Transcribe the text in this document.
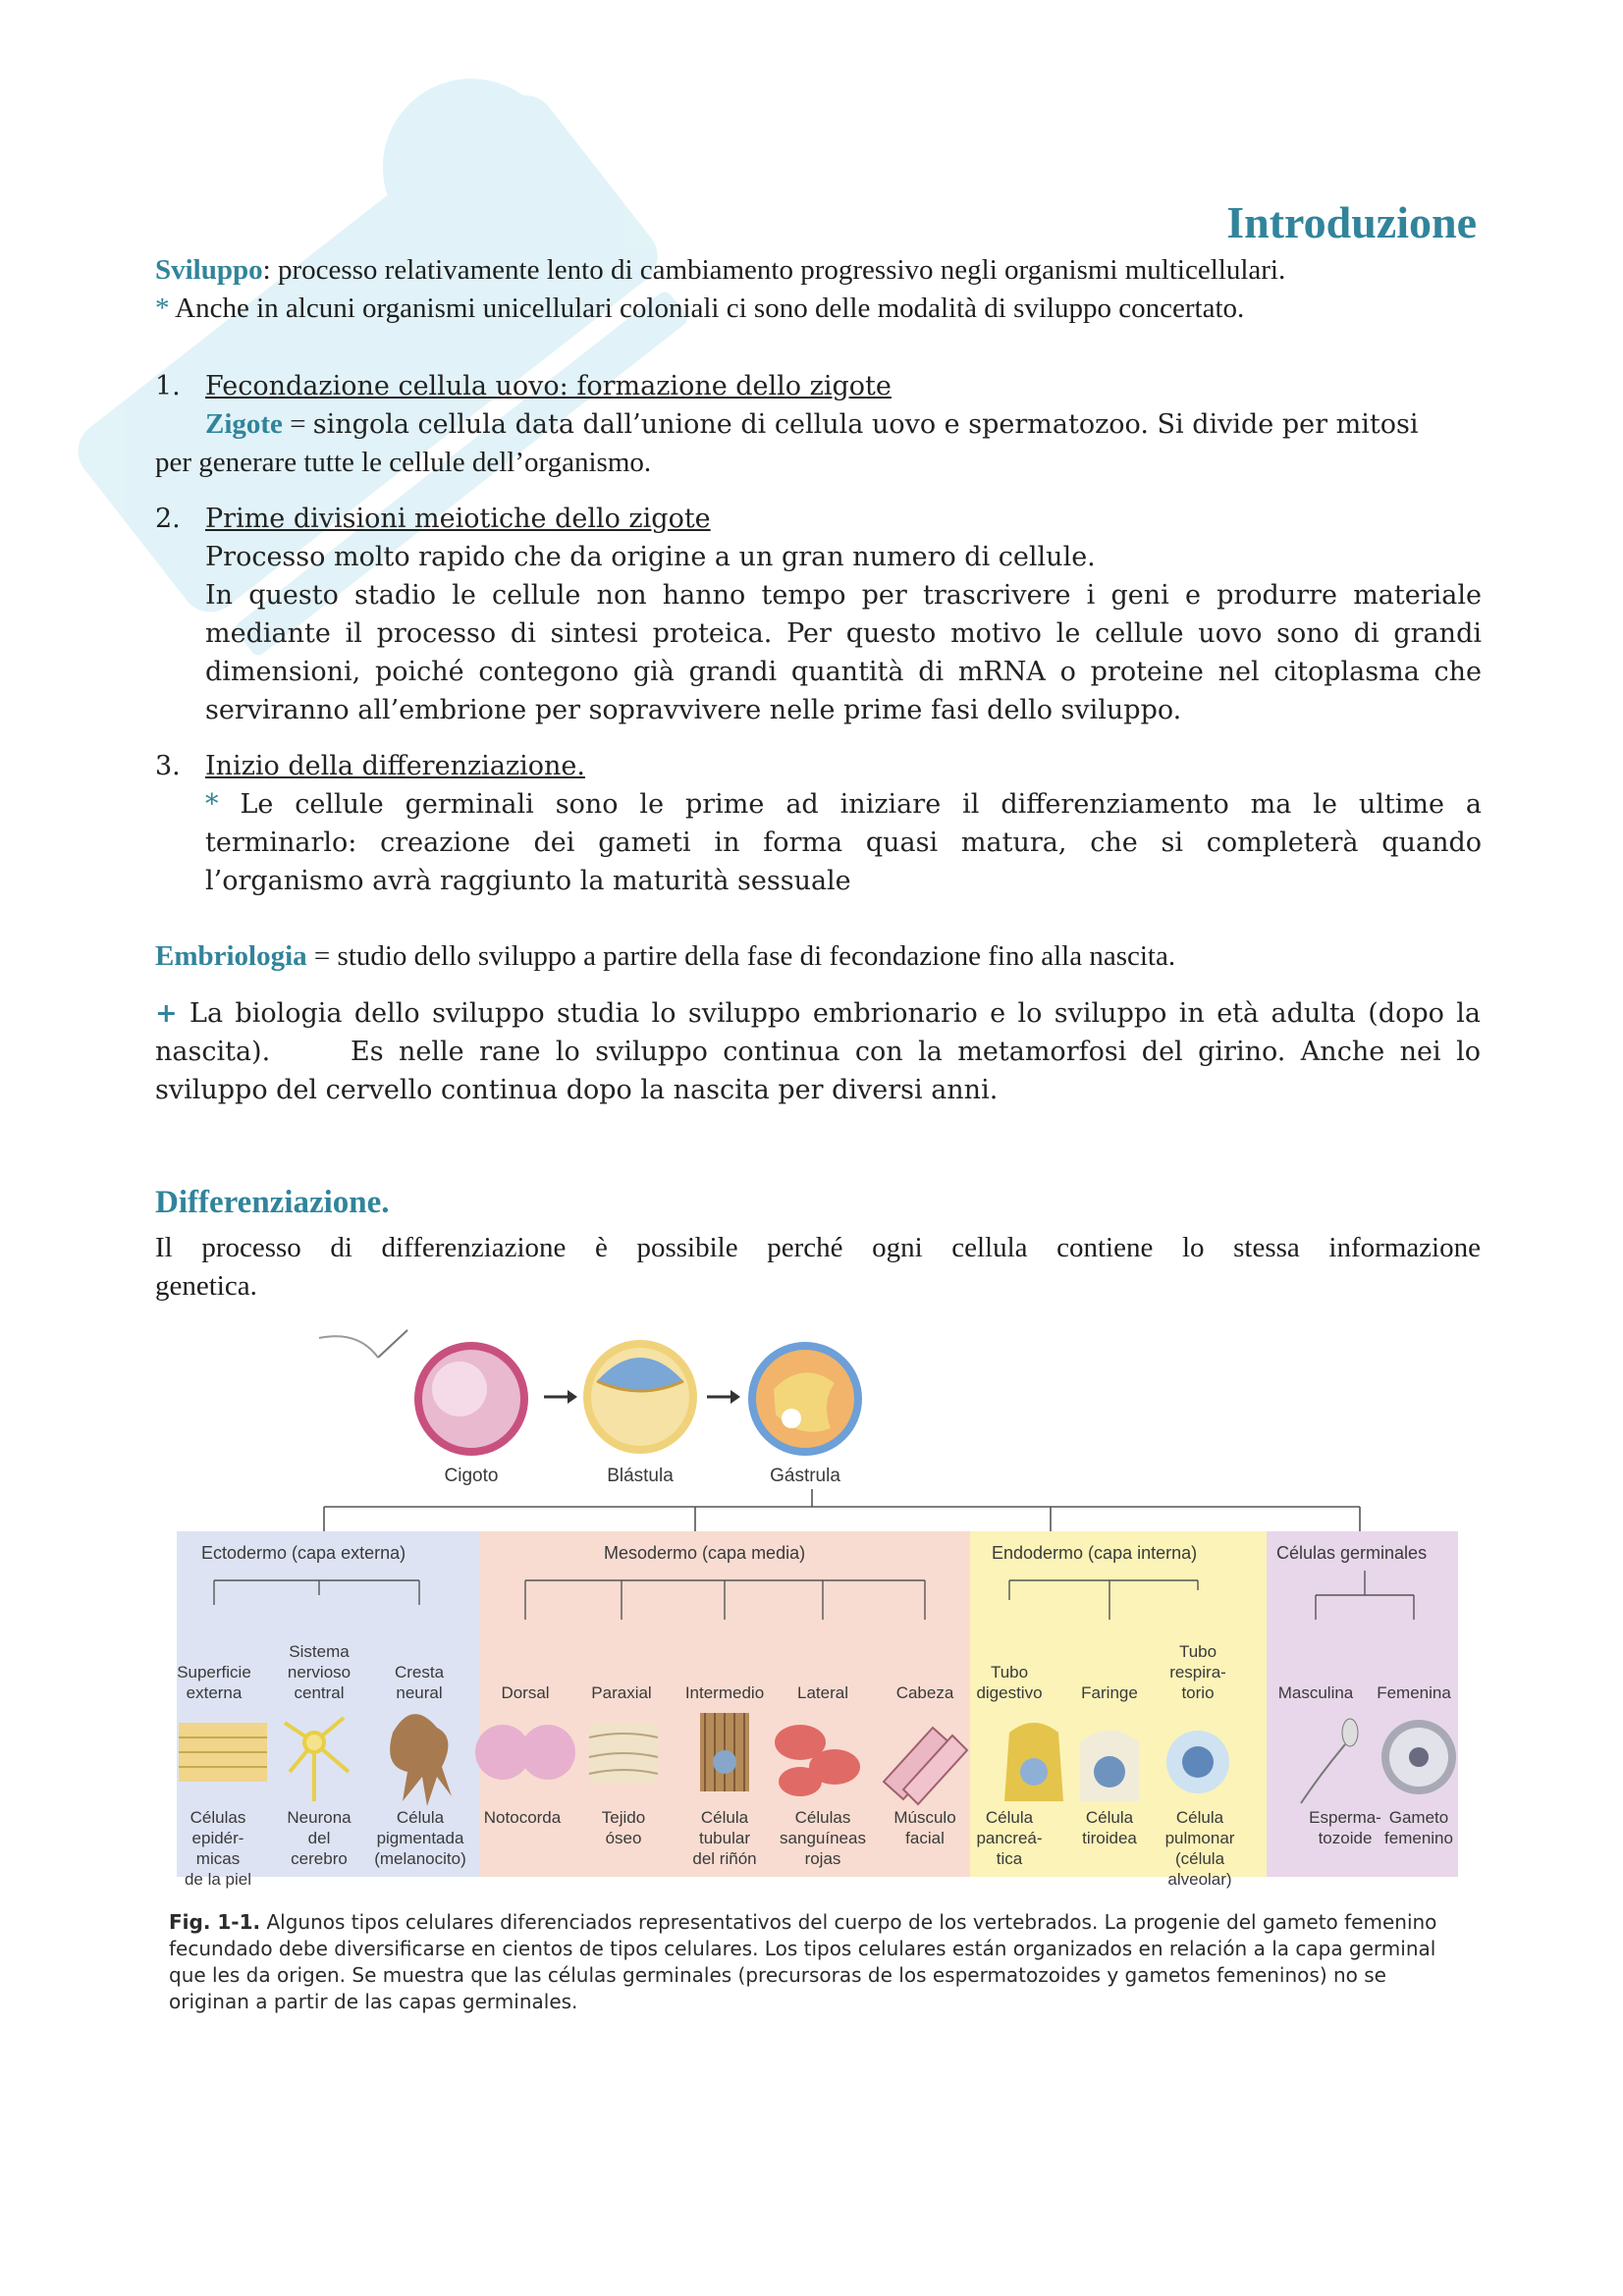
Introduzione
Sviluppo: processo relativamente lento di cambiamento progressivo negli organismi multicellulari.
* Anche in alcuni organismi unicellulari coloniali ci sono delle modalità di sviluppo concertato.
1. Fecondazione cellula uovo: formazione dello zigote
Zigote = singola cellula data dall’unione di cellula uovo e spermatozoo. Si divide per mitosi
per generare tutte le cellule dell’organismo.
2. Prime divisioni meiotiche dello zigote
Processo molto rapido che da origine a un gran numero di cellule.
In questo stadio le cellule non hanno tempo per trascrivere i geni e produrre materiale
mediante il processo di sintesi proteica. Per questo motivo le cellule uovo sono di grandi
dimensioni, poiché contegono già grandi quantità di mRNA o proteine nel citoplasma che
serviranno all’embrione per sopravvivere nelle prime fasi dello sviluppo.
3. Inizio della differenziazione.
* Le cellule germinali sono le prime ad iniziare il differenziamento ma le ultime a
terminarlo: creazione dei gameti in forma quasi matura, che si completerà quando
l’organismo avrà raggiunto la maturità sessuale
Embriologia = studio dello sviluppo a partire della fase di fecondazione fino alla nascita.
+ La biologia dello sviluppo studia lo sviluppo embrionario e lo sviluppo in età adulta (dopo la
nascita).	Es nelle rane lo sviluppo continua con la metamorfosi del girino. Anche nei lo
sviluppo del cervello continua dopo la nascita per diversi anni.
Differenziazione.
Il processo di differenziazione è possibile perché ogni cellula contiene lo stessa informazione
genetica.
Cigoto	Blástula	Gástrula
Ectodermo (capa externa)	Mesodermo (capa media)	Endodermo (capa interna)	Células germinales
Superficie externa
Sistema nervioso central
Cresta neural	Dorsal	Paraxial Intermedio Lateral	Cabeza
Tubo digestivo Faringe
Tubo respira-torio	Masculina Femenina
Células epidér-micas de la piel
Neurona del cerebro
Célula pigmentada (melanocito)
Notocorda Tejido óseo
Célula tubular del riñón
Células sanguíneas rojas
Músculo facial
Célula pancreá-tica
Célula tiroidea
Célula pulmonar (célula alveolar)
Esperma-tozoide
Gameto femenino
Fig. 1-1. Algunos tipos celulares diferenciados representativos del cuerpo de los vertebrados. La progenie del gameto femenino fecundado debe diversificarse en cientos de tipos celulares. Los tipos celulares están organizados en relación a la capa germinal que les da origen. Se muestra que las células germinales (precursoras de los espermatozoides y gametos femeninos) no se originan a partir de las capas germinales.
